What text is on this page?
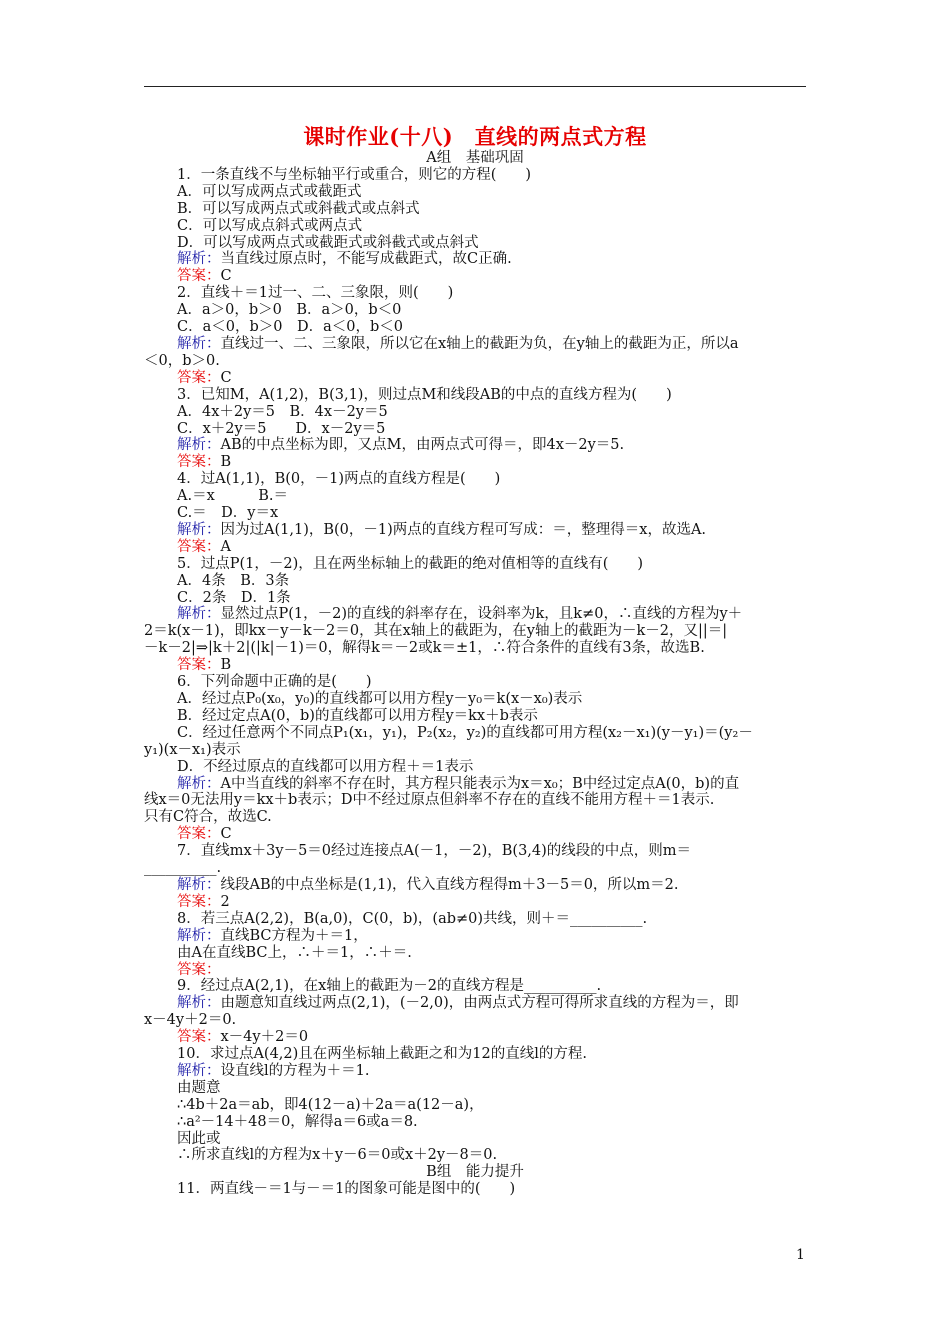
课时作业(十八)　直线的两点式方程
A组　基础巩固
1．一条直线不与坐标轴平行或重合，则它的方程(　　)
A．可以写成两点式或截距式
B．可以写成两点式或斜截式或点斜式
C．可以写成点斜式或两点式
D．可以写成两点式或截距式或斜截式或点斜式
解析：当直线过原点时，不能写成截距式，故C正确.
答案：C
2．直线＋＝1过一、二、三象限，则(　　)
A．a＞0，b＞0　B．a＞0，b＜0
C．a＜0，b＞0　D．a＜0，b＜0
解析：直线过一、二、三象限，所以它在x轴上的截距为负，在y轴上的截距为正，所以a
＜0，b＞0.
答案：C
3．已知M，A(1,2)，B(3,1)，则过点M和线段AB的中点的直线方程为(　　)
A．4x＋2y＝5　B．4x－2y＝5
C．x＋2y＝5　　D．x－2y＝5
解析：AB的中点坐标为即，又点M，由两点式可得＝，即4x－2y＝5.
答案：B
4．过A(1,1)，B(0，－1)两点的直线方程是(　　)
A.＝x　　　B.＝
C.＝　D．y＝x
解析：因为过A(1,1)，B(0，－1)两点的直线方程可写成：＝，整理得＝x，故选A.
答案：A
5．过点P(1，－2)，且在两坐标轴上的截距的绝对值相等的直线有(　　)
A．4条　B．3条
C．2条　D．1条
解析：显然过点P(1，－2)的直线的斜率存在，设斜率为k，且k≠0，∴直线的方程为y＋
2＝k(x－1)，即kx－y－k－2＝0，其在x轴上的截距为，在y轴上的截距为－k－2，又||＝|
－k－2|⇒|k＋2|(|k|－1)＝0，解得k＝－2或k＝±1，∴符合条件的直线有3条，故选B.
答案：B
6．下列命题中正确的是(　　)
A．经过点P₀(x₀，y₀)的直线都可以用方程y－y₀＝k(x－x₀)表示
B．经过定点A(0，b)的直线都可以用方程y＝kx＋b表示
C．经过任意两个不同点P₁(x₁，y₁)，P₂(x₂，y₂)的直线都可用方程(x₂－x₁)(y－y₁)＝(y₂－
y₁)(x－x₁)表示
D．不经过原点的直线都可以用方程＋＝1表示
解析：A中当直线的斜率不存在时，其方程只能表示为x＝x₀；B中经过定点A(0，b)的直
线x＝0无法用y＝kx＋b表示；D中不经过原点但斜率不存在的直线不能用方程＋＝1表示.
只有C符合，故选C.
答案：C
7．直线mx＋3y－5＝0经过连接点A(－1，－2)，B(3,4)的线段的中点，则m＝
__________.
解析：线段AB的中点坐标是(1,1)，代入直线方程得m＋3－5＝0，所以m＝2.
答案：2
8．若三点A(2,2)，B(a,0)，C(0，b)，(ab≠0)共线，则＋＝__________.
解析：直线BC方程为＋＝1，
由A在直线BC上，∴＋＝1，∴＋＝.
答案：
9．经过点A(2,1)，在x轴上的截距为－2的直线方程是__________.
解析：由题意知直线过两点(2,1)，(－2,0)，由两点式方程可得所求直线的方程为＝，即
x－4y＋2＝0.
答案：x－4y＋2＝0
10．求过点A(4,2)且在两坐标轴上截距之和为12的直线l的方程.
解析：设直线l的方程为＋＝1.
由题意
∴4b＋2a＝ab，即4(12－a)＋2a＝a(12－a)，
∴a²－14＋48＝0，解得a＝6或a＝8.
因此或
∴所求直线l的方程为x＋y－6＝0或x＋2y－8＝0.
B组　能力提升
11．两直线－＝1与－＝1的图象可能是图中的(　　)
1
